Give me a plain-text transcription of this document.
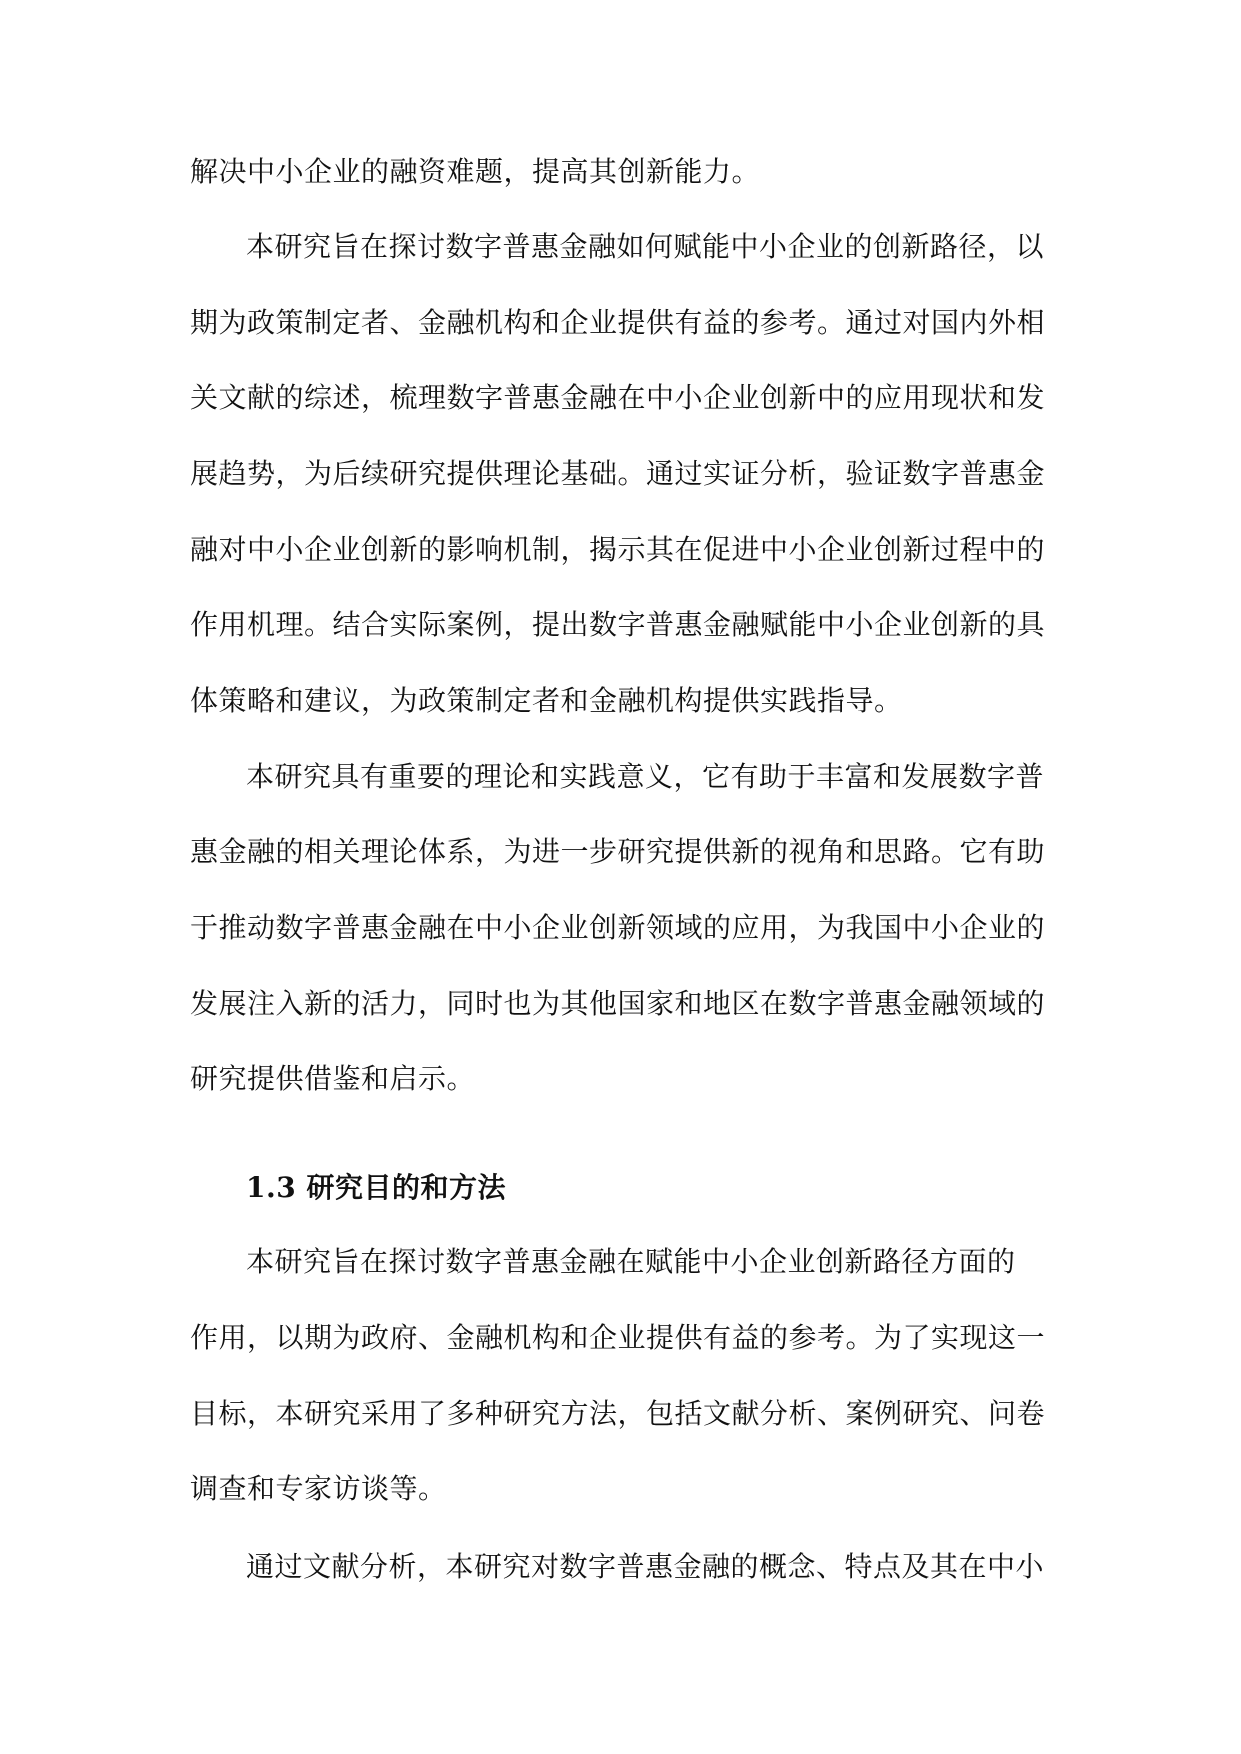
解决中小企业的融资难题，提高其创新能力。

本研究旨在探讨数字普惠金融如何赋能中小企业的创新路径，以

期为政策制定者、金融机构和企业提供有益的参考。通过对国内外相

关文献的综述，梳理数字普惠金融在中小企业创新中的应用现状和发

展趋势，为后续研究提供理论基础。通过实证分析，验证数字普惠金

融对中小企业创新的影响机制，揭示其在促进中小企业创新过程中的

作用机理。结合实际案例，提出数字普惠金融赋能中小企业创新的具

体策略和建议，为政策制定者和金融机构提供实践指导。

本研究具有重要的理论和实践意义，它有助于丰富和发展数字普

惠金融的相关理论体系，为进一步研究提供新的视角和思路。它有助

于推动数字普惠金融在中小企业创新领域的应用，为我国中小企业的

发展注入新的活力，同时也为其他国家和地区在数字普惠金融领域的

研究提供借鉴和启示。

1.3 研究目的和方法

本研究旨在探讨数字普惠金融在赋能中小企业创新路径方面的

作用，以期为政府、金融机构和企业提供有益的参考。为了实现这一

目标，本研究采用了多种研究方法，包括文献分析、案例研究、问卷

调查和专家访谈等。

通过文献分析，本研究对数字普惠金融的概念、特点及其在中小
